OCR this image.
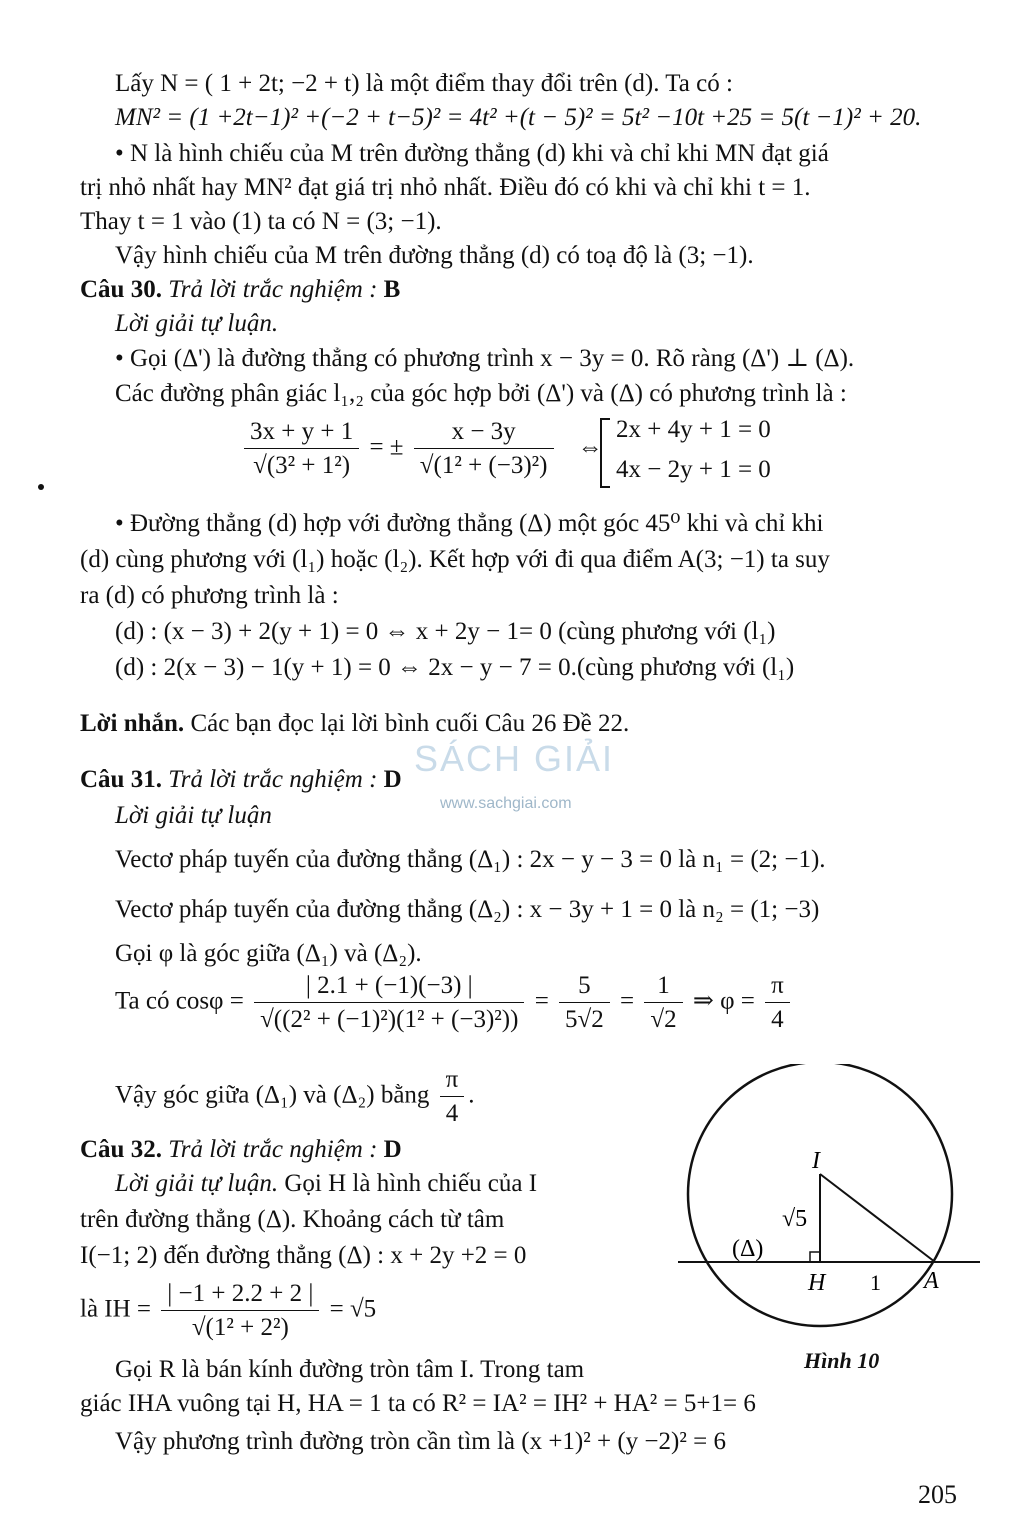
Lấy N = ( 1 + 2t; −2 + t) là một điểm thay đổi trên (d). Ta có :
MN² = (1 +2t−1)² +(−2 + t−5)² = 4t² +(t − 5)² = 5t² −10t +25 = 5(t −1)² + 20.
• N là hình chiếu của M trên đường thẳng (d) khi và chỉ khi MN đạt giá
trị nhỏ nhất hay MN² đạt giá trị nhỏ nhất. Điều đó có khi và chỉ khi t = 1.
Thay t = 1 vào (1) ta có N = (3; −1).
Vậy hình chiếu của M trên đường thẳng (d) có toạ độ là (3; −1).
Câu 30. Trả lời trắc nghiệm : B
Lời giải tự luận.
• Gọi (Δ') là đường thẳng có phương trình x − 3y = 0. Rõ ràng (Δ') ⊥ (Δ).
Các đường phân giác l₁,₂ của góc hợp bởi (Δ') và (Δ) có phương trình là :
$\frac{3x + y + 1}{\text{√(3² + 1²)}}$ = ± $\frac{x - 3y}{\text{√(1² + (−3)²)}}$ ⇔
2x + 4y + 1 = 0
4x − 2y + 1 = 0
• Đường thẳng (d) hợp với đường thẳng (Δ) một góc 45⁰ khi và chỉ khi
(d) cùng phương với (l₁) hoặc (l₂). Kết hợp với đi qua điểm A(3; −1) ta suy
ra (d) có phương trình là :
(d) : (x − 3) + 2(y + 1) = 0 ⇔ x + 2y − 1= 0 (cùng phương với (l₁)
(d) : 2(x − 3) − 1(y + 1) = 0 ⇔ 2x − y − 7 = 0.(cùng phương với (l₁)
Lời nhắn. Các bạn đọc lại lời bình cuối Câu 26 Đề 22.
SÁCH GIẢI
www.sachgiai.com
Câu 31. Trả lời trắc nghiệm : D
Lời giải tự luận
Vectơ pháp tuyến của đường thẳng (Δ₁) : 2x − y − 3 = 0 là n₁ = (2; −1).
Vectơ pháp tuyến của đường thẳng (Δ₂) : x − 3y + 1 = 0 là n₂ = (1; −3)
Gọi φ là góc giữa (Δ₁) và (Δ₂).
Ta có $\cos\varphi = \frac{| 2.1 + (-1)(-3) |}{\text{√((2² + (−1)²)(1² + (−3)²))}} = \frac{5}{5√2} = \frac{1}{√2}$ ⇒ $\varphi = \frac{\pi}{4}$
Vậy góc giữa (Δ₁) và (Δ₂) bằng $\frac{\pi}{4}$ .
Câu 32. Trả lời trắc nghiệm : D
Lời giải tự luận. Gọi H là hình chiếu của I
trên đường thẳng (Δ). Khoảng cách từ tâm
I(−1; 2) đến đường thẳng (Δ) : x + 2y +2 = 0
là IH = $\frac{| -1 + 2.2 + 2 |}{\text{√(1² + 2²)}} = √5$
Gọi R là bán kính đường tròn tâm I. Trong tam
giác IHA vuông tại H, HA = 1 ta có R² = IA² = IH² + HA² = 5+1= 6
Vậy phương trình đường tròn cần tìm là (x +1)² + (y −2)² = 6
I
H	A
(Δ)
√5
1
Hình 10
205
